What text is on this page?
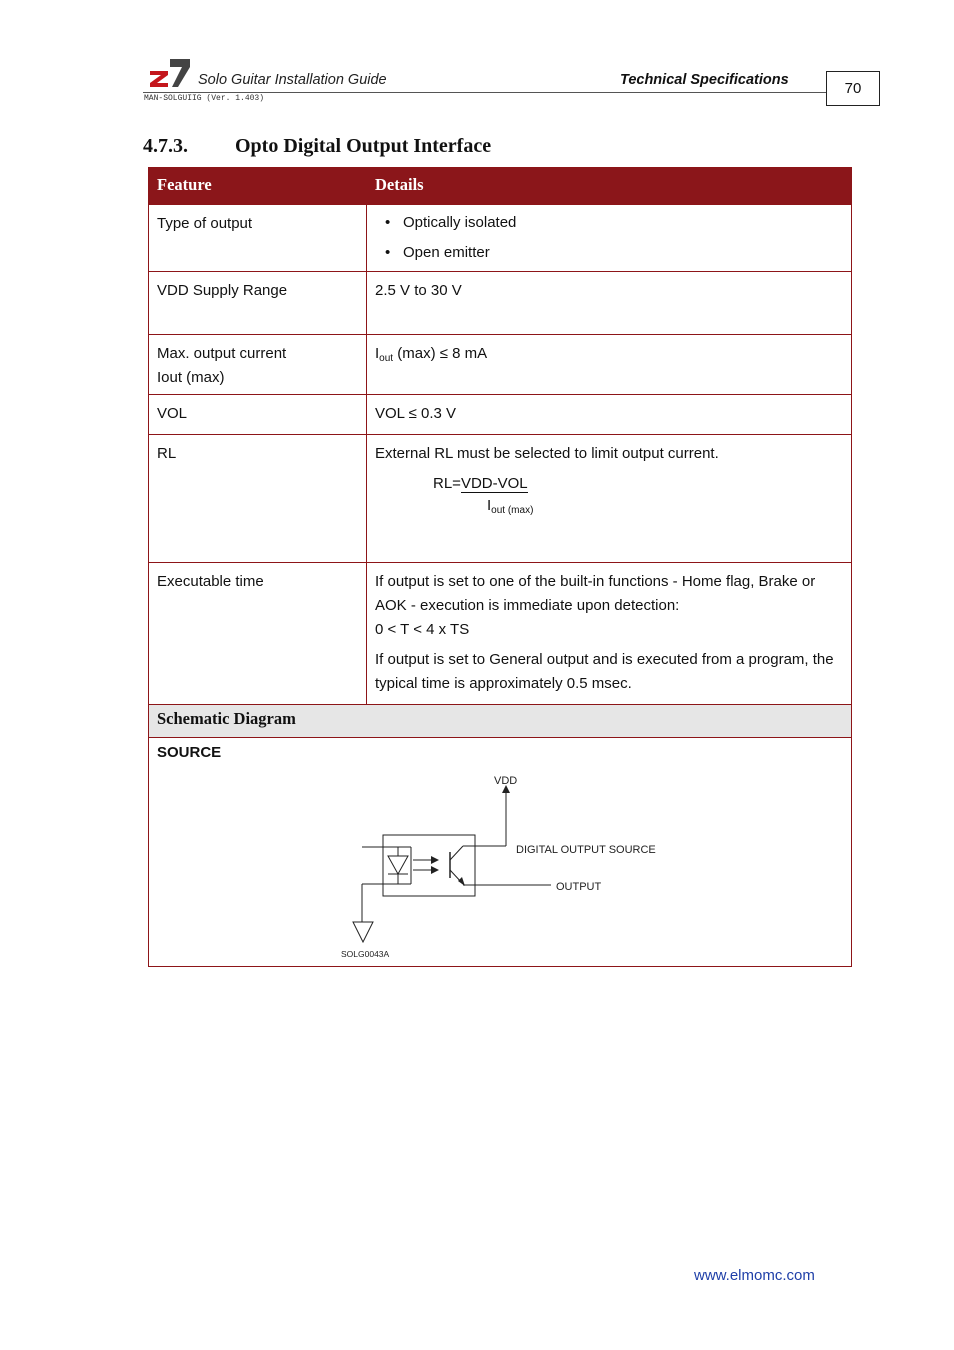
Solo Guitar Installation Guide	Technical Specifications
MAN-SOLGUIIG (Ver. 1.403)
70
4.7.3. Opto Digital Output Interface
Feature	Details
Type of output
•	Optically isolated
• Open emitter
VDD Supply Range	2.5 V to 30 V
Max. output current
Iout (max)
$I_{out}$ (max) ≤ 8 mA
VOL	VOL ≤ 0.3 V
RL	External RL must be selected to limit output current.
RL=VDD-VOL
$I_{out (max)}$
Executable time	If output is set to one of the built-in functions - Home flag, Brake or AOK - execution is immediate upon detection:
0 < T < 4 x TS
If output is set to General output and is executed from a program, the typical time is approximately 0.5 msec.
Schematic Diagram
VDD
DIGITAL OUTPUT SOURCE
OUTPUT
SOLG0043A
SOURCE
www.elmomc.com
